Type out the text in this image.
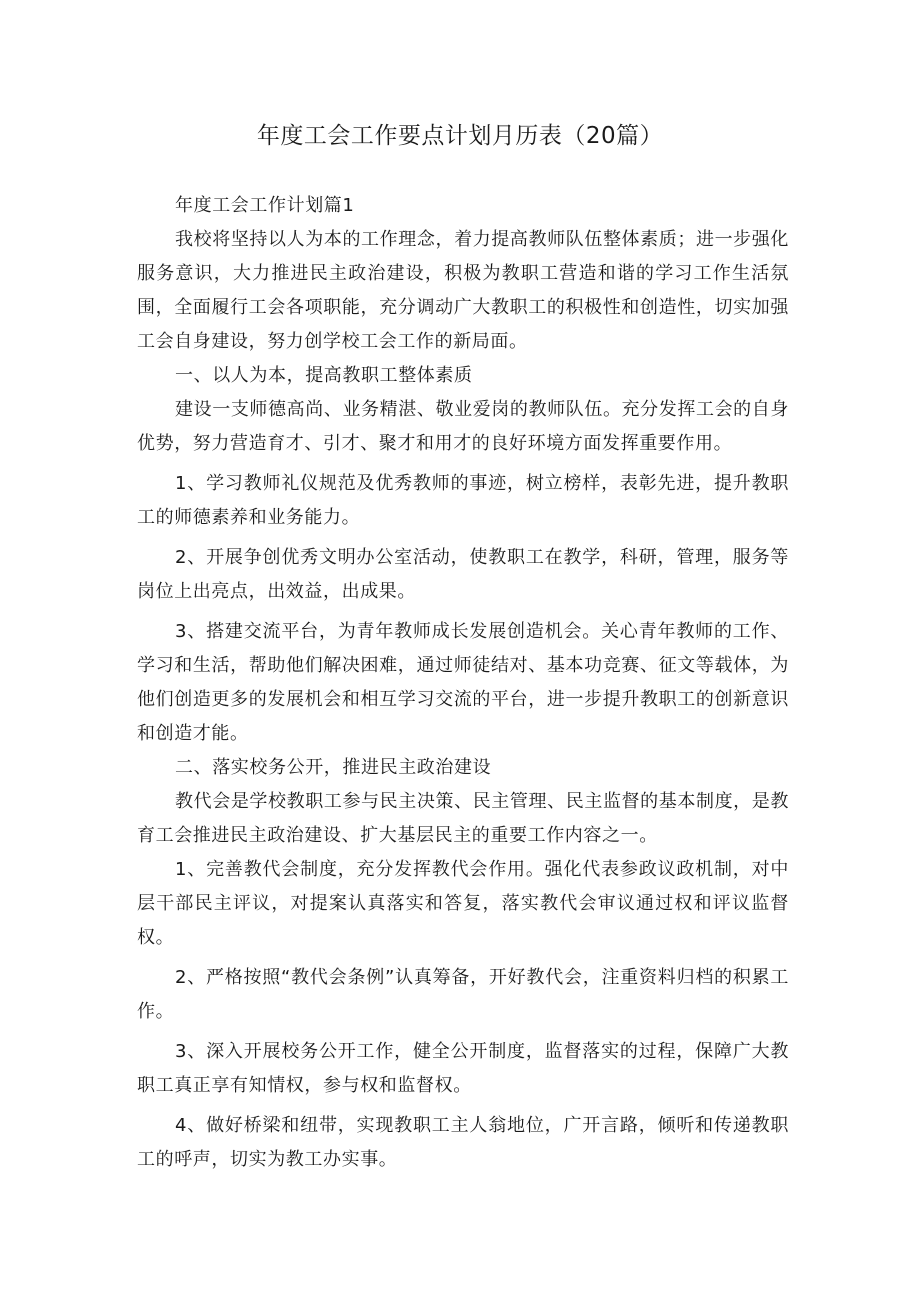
年度工会工作要点计划月历表（20篇）

年度工会工作计划篇1

我校将坚持以人为本的工作理念，着力提高教师队伍整体素质；进一步强化服务意识，大力推进民主政治建设，积极为教职工营造和谐的学习工作生活氛围，全面履行工会各项职能，充分调动广大教职工的积极性和创造性，切实加强工会自身建设，努力创学校工会工作的新局面。

一、以人为本，提高教职工整体素质

建设一支师德高尚、业务精湛、敬业爱岗的教师队伍。充分发挥工会的自身优势，努力营造育才、引才、聚才和用才的良好环境方面发挥重要作用。

1、学习教师礼仪规范及优秀教师的事迹，树立榜样，表彰先进，提升教职工的师德素养和业务能力。

2、开展争创优秀文明办公室活动，使教职工在教学，科研，管理，服务等岗位上出亮点，出效益，出成果。

3、搭建交流平台，为青年教师成长发展创造机会。关心青年教师的工作、学习和生活，帮助他们解决困难，通过师徒结对、基本功竞赛、征文等载体，为他们创造更多的发展机会和相互学习交流的平台，进一步提升教职工的创新意识和创造才能。

二、落实校务公开，推进民主政治建设

教代会是学校教职工参与民主决策、民主管理、民主监督的基本制度，是教育工会推进民主政治建设、扩大基层民主的重要工作内容之一。

1、完善教代会制度，充分发挥教代会作用。强化代表参政议政机制，对中层干部民主评议，对提案认真落实和答复，落实教代会审议通过权和评议监督权。

2、严格按照“教代会条例”认真筹备，开好教代会，注重资料归档的积累工作。

3、深入开展校务公开工作，健全公开制度，监督落实的过程，保障广大教职工真正享有知情权，参与权和监督权。

4、做好桥梁和纽带，实现教职工主人翁地位，广开言路，倾听和传递教职工的呼声，切实为教工办实事。
